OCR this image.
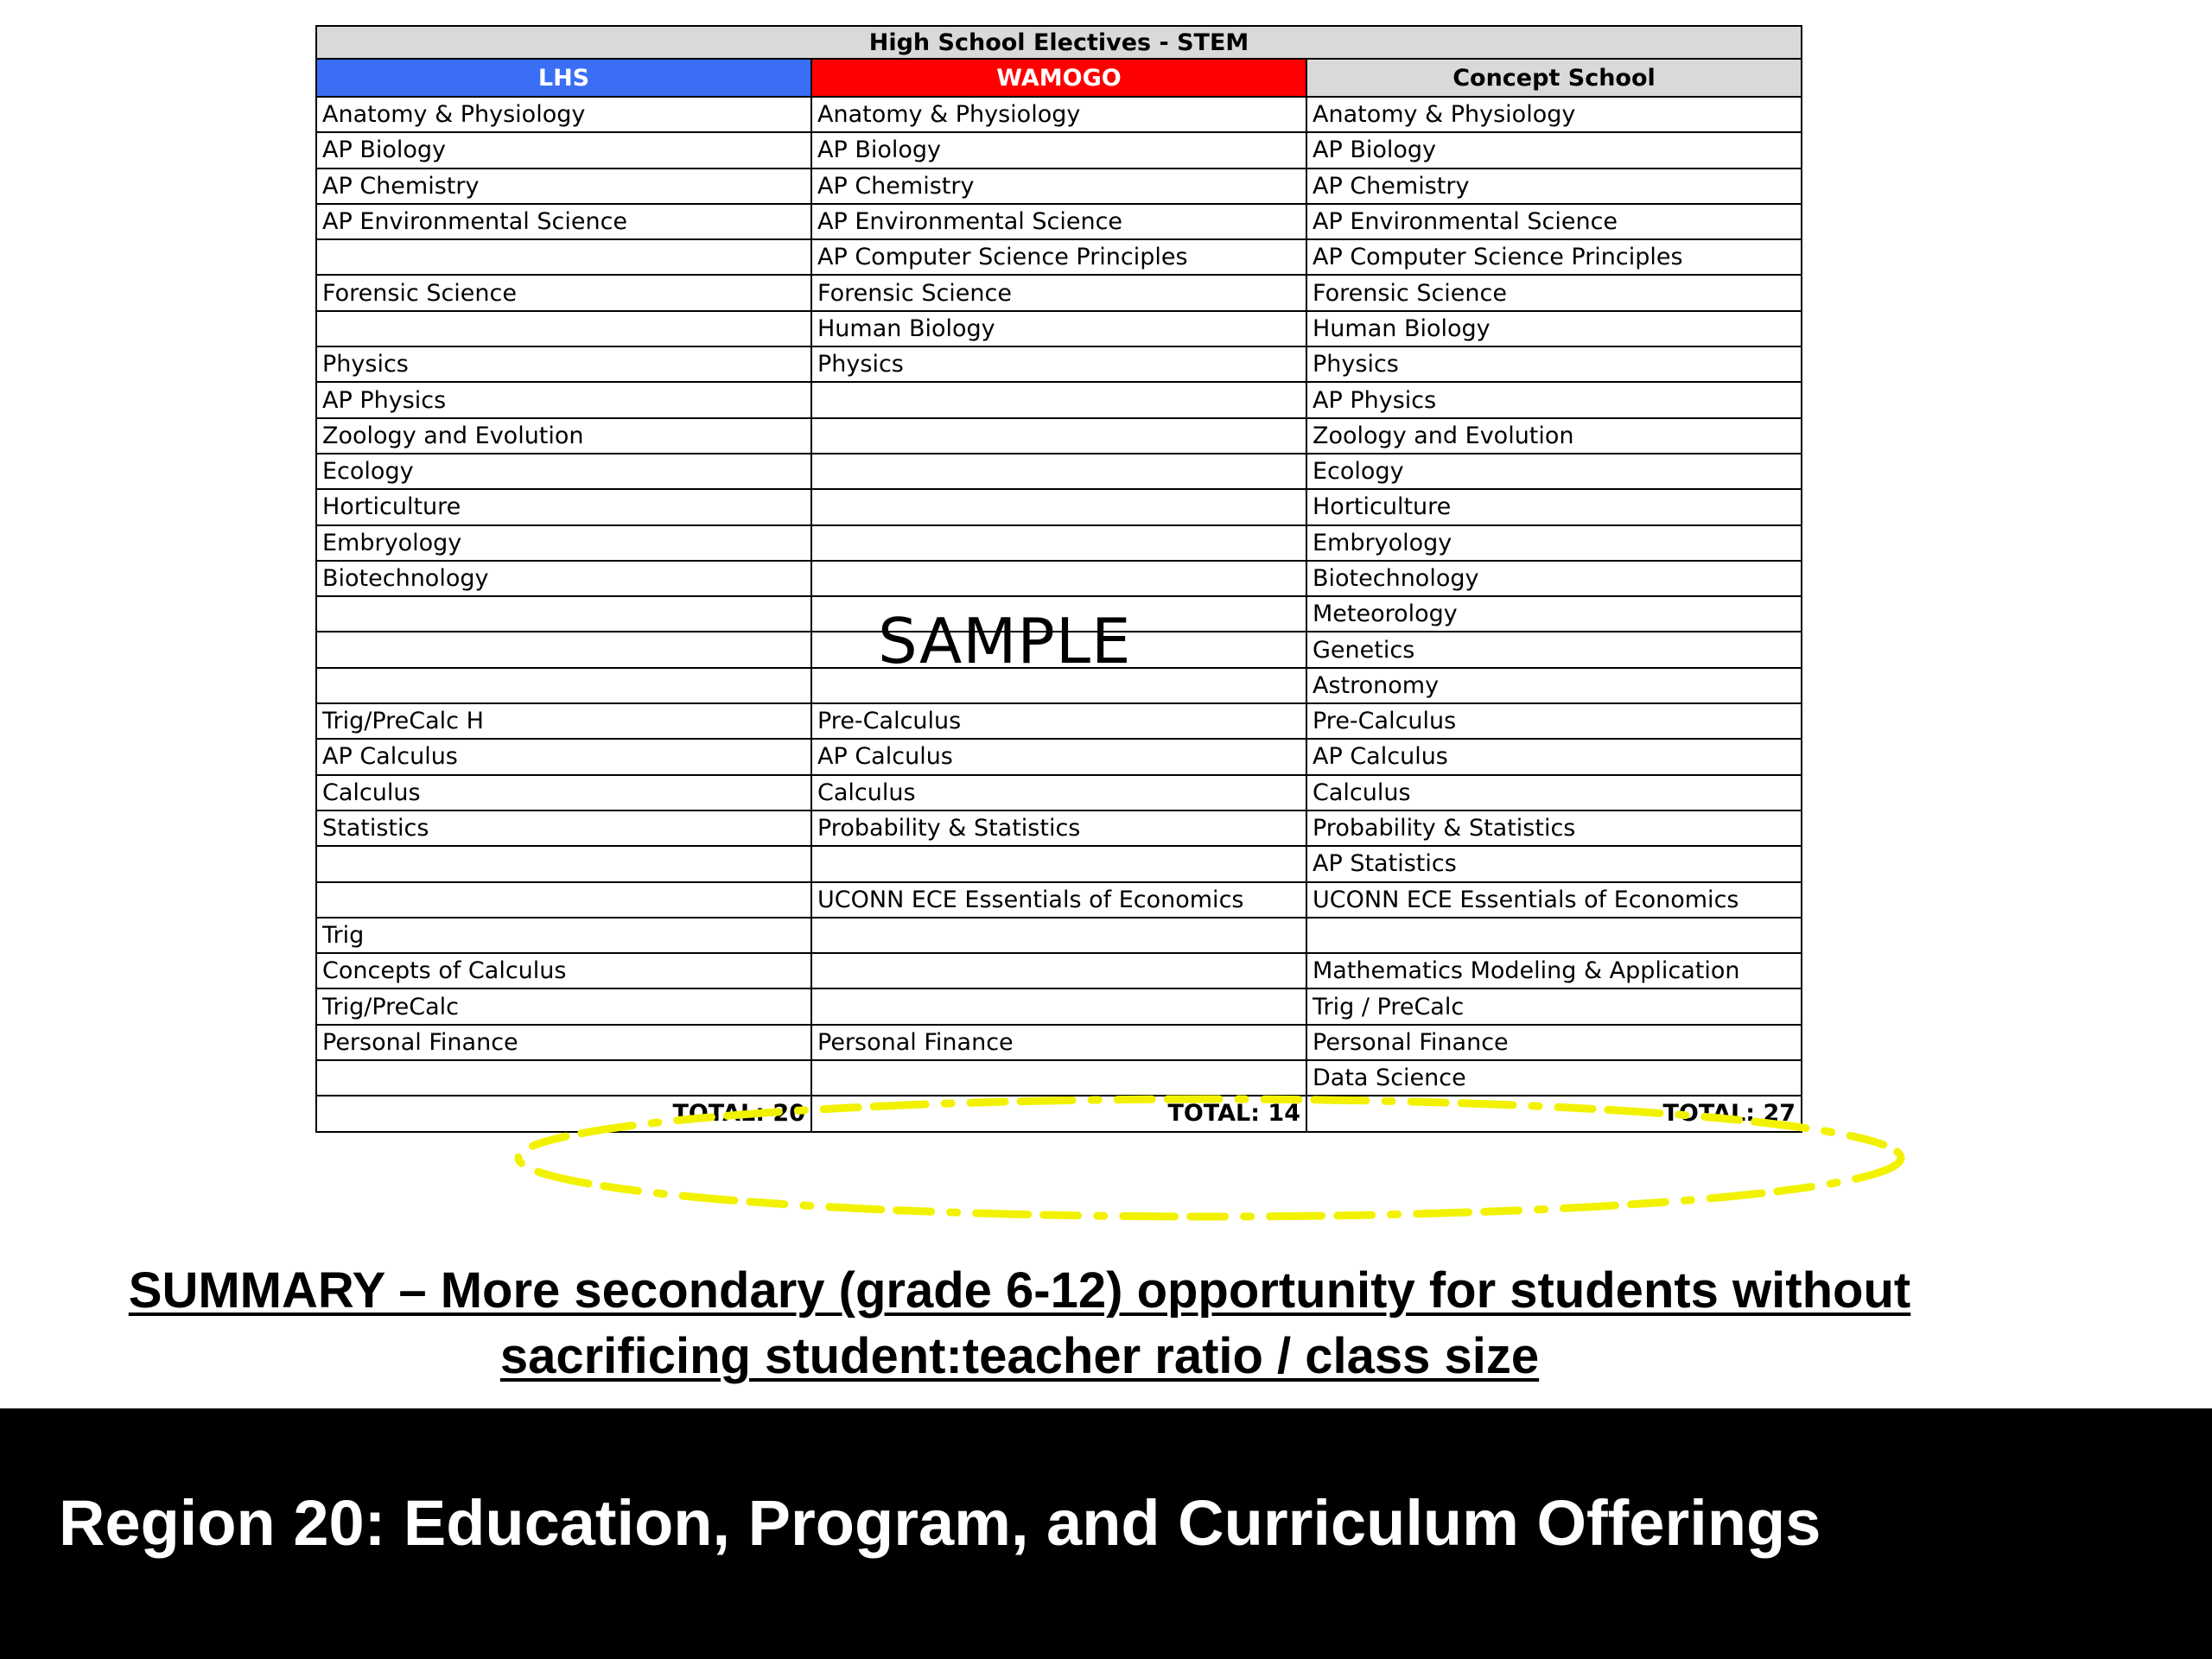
High School Electives - STEM		
LHS	WAMOGO	Concept School
Anatomy & Physiology	Anatomy & Physiology	Anatomy & Physiology
AP Biology	AP Biology	AP Biology
AP Chemistry	AP Chemistry	AP Chemistry
AP Environmental Science	AP Environmental Science	AP Environmental Science
	AP Computer Science Principles	AP Computer Science Principles
Forensic Science	Forensic Science	Forensic Science
	Human Biology	Human Biology
Physics	Physics	Physics
AP Physics		AP Physics
Zoology and Evolution		Zoology and Evolution
Ecology		Ecology
Horticulture		Horticulture
Embryology		Embryology
Biotechnology		Biotechnology
		Meteorology
		Genetics
		Astronomy
Trig/PreCalc H	Pre-Calculus	Pre-Calculus
AP Calculus	AP Calculus	AP Calculus
Calculus	Calculus	Calculus
Statistics	Probability & Statistics	Probability & Statistics
		AP Statistics
	UCONN ECE Essentials of Economics	UCONN ECE Essentials of Economics
Trig		
Concepts of Calculus		Mathematics Modeling & Application
Trig/PreCalc		Trig / PreCalc
Personal Finance	Personal Finance	Personal Finance
		Data Science
TOTAL: 20	TOTAL: 14	TOTAL: 27
SAMPLE
SUMMARY – More secondary (grade 6-12) opportunity for students without
sacrificing student:teacher ratio / class size
Region 20: Education, Program, and Curriculum Offerings
